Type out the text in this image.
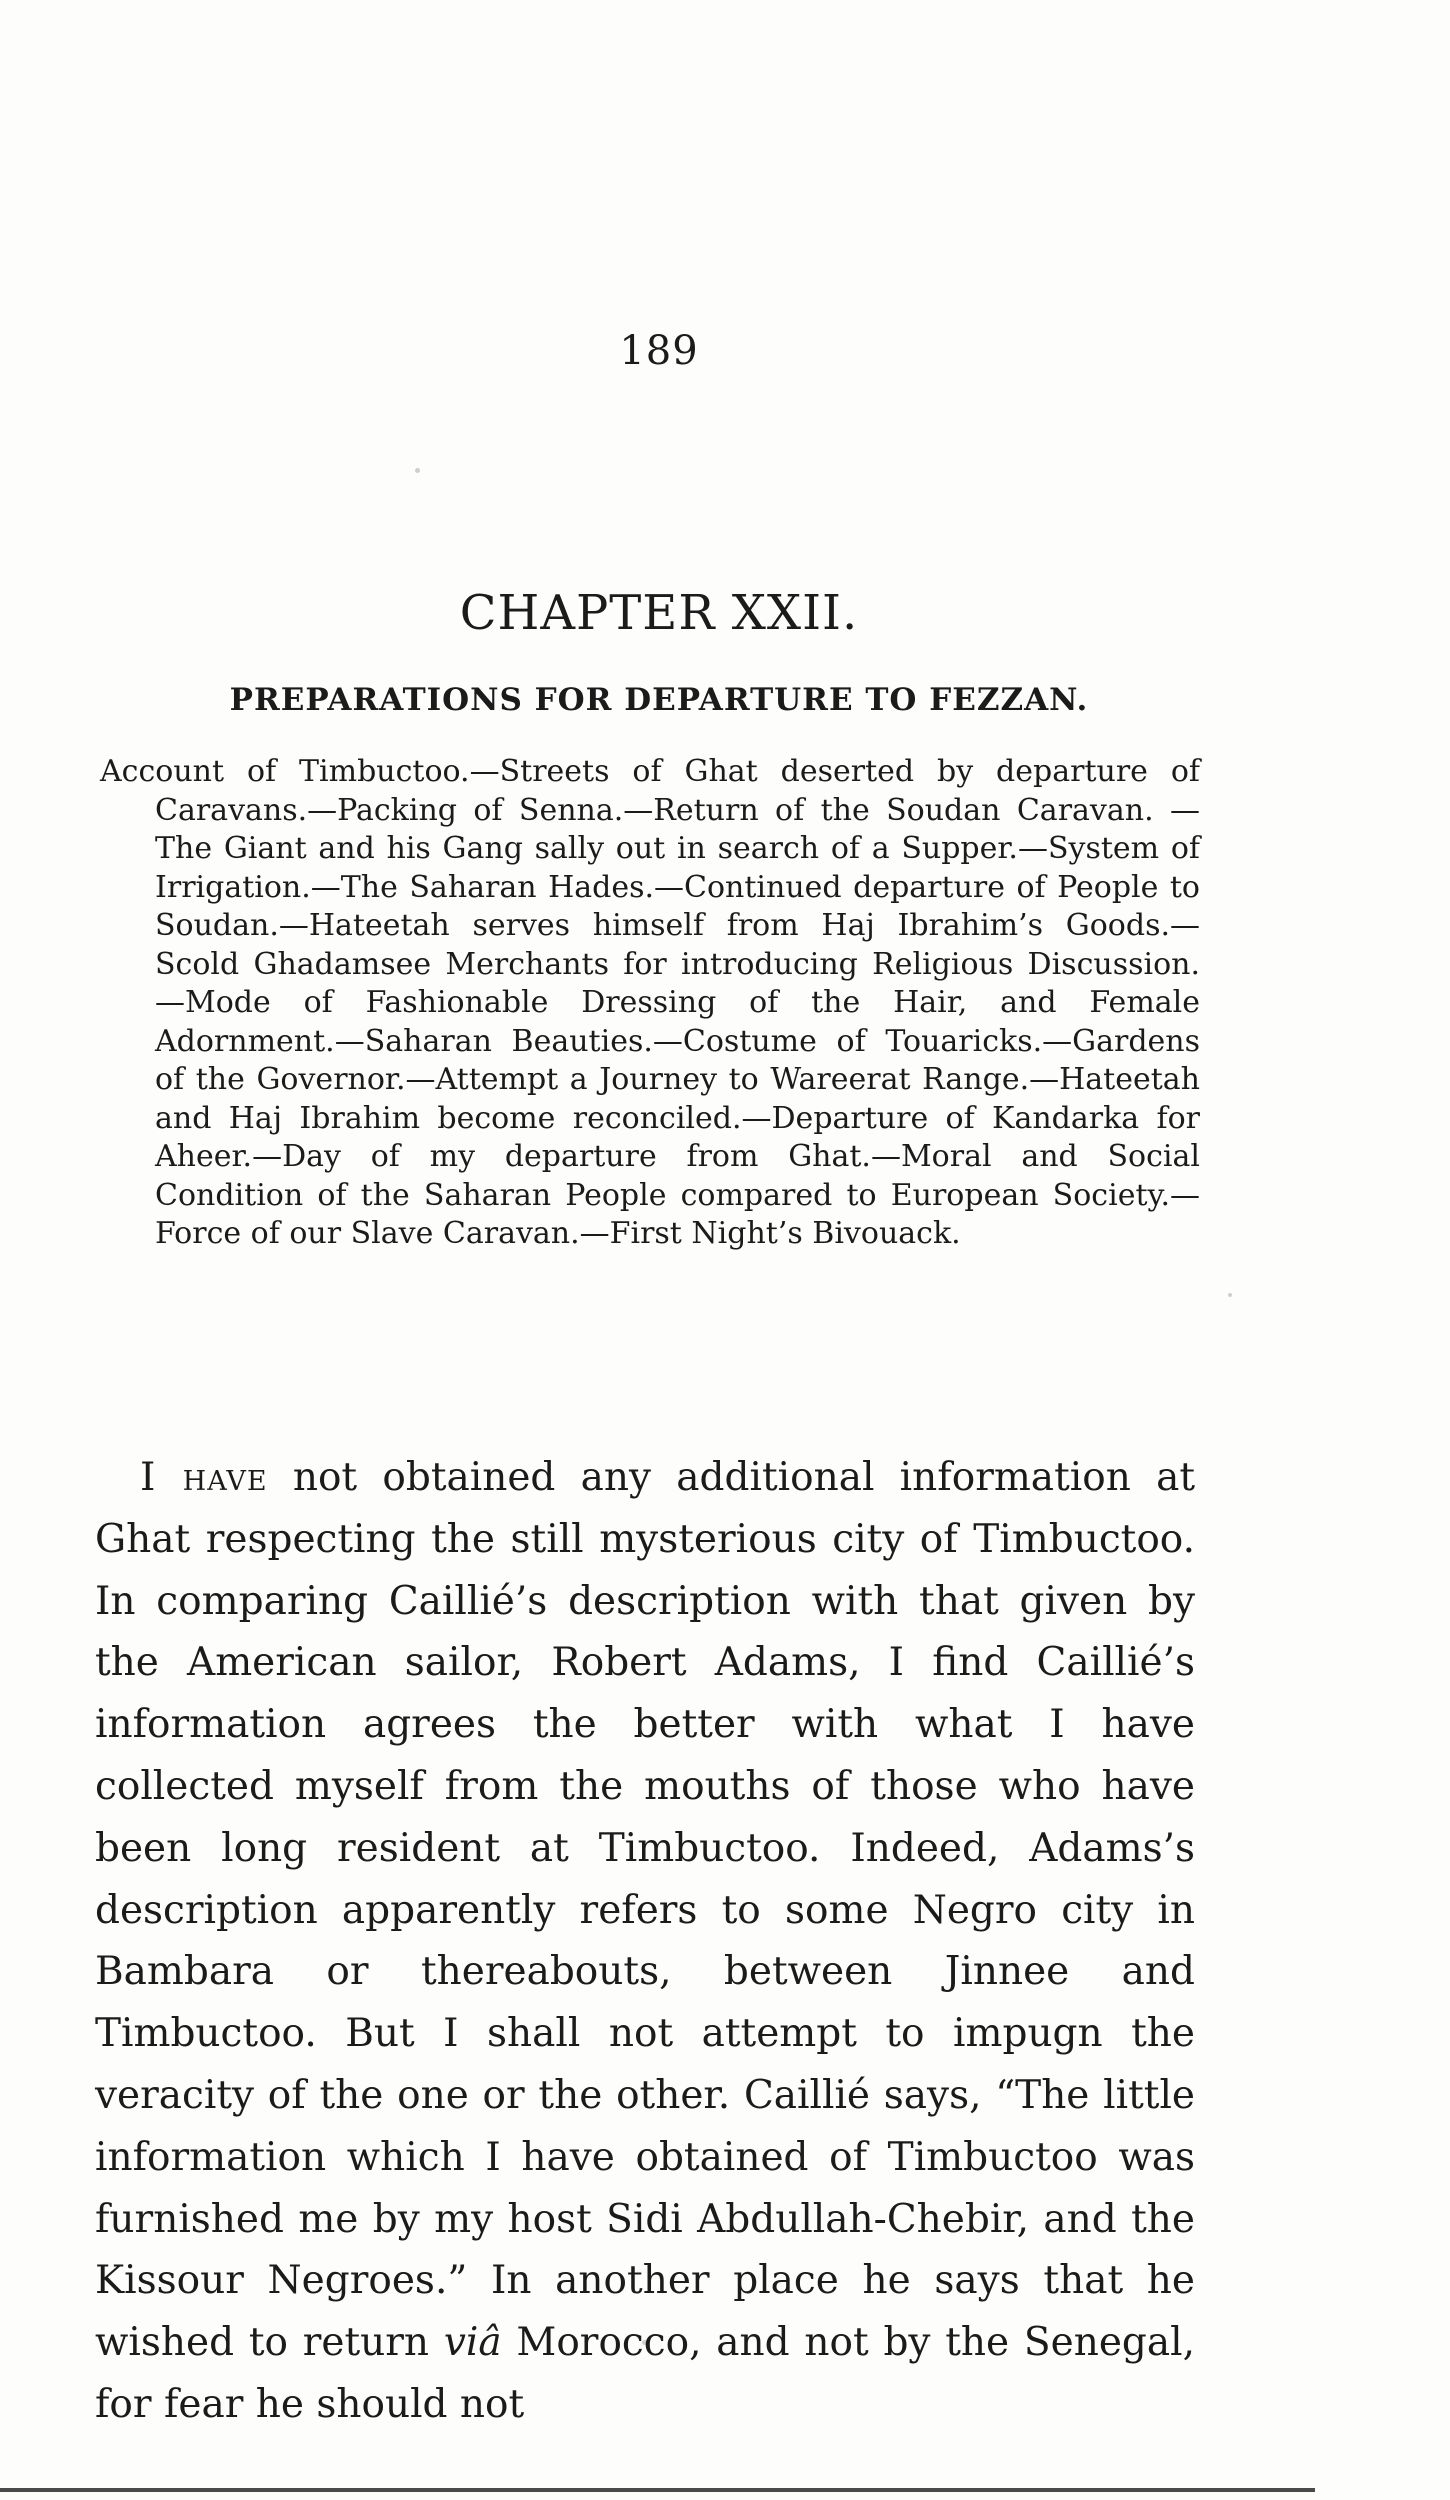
189
CHAPTER XXII.
PREPARATIONS FOR DEPARTURE TO FEZZAN.

Account of Timbuctoo.—Streets of Ghat deserted by departure of Caravans.—Packing of Senna.—Return of the Soudan Caravan. —The Giant and his Gang sally out in search of a Supper.—System of Irrigation.—The Saharan Hades.—Continued departure of People to Soudan.—Hateetah serves himself from Haj Ibrahim’s Goods.—Scold Ghadamsee Merchants for introducing Religious Discussion.—Mode of Fashionable Dressing of the Hair, and Female Adornment.—Saharan Beauties.—Costume of Touaricks.—Gardens of the Governor.—Attempt a Journey to Wareerat Range.—Hateetah and Haj Ibrahim become reconciled.—Departure of Kandarka for Aheer.—Day of my departure from Ghat.—Moral and Social Condition of the Saharan People compared to European Society.—Force of our Slave Caravan.—First Night’s Bivouack.

I have not obtained any additional information at Ghat respecting the still mysterious city of Timbuctoo. In comparing Caillié’s description with that given by the American sailor, Robert Adams, I find Caillié’s information agrees the better with what I have collected myself from the mouths of those who have been long resident at Timbuctoo. Indeed, Adams’s description apparently refers to some Negro city in Bambara or thereabouts, between Jinnee and Timbuctoo. But I shall not attempt to impugn the veracity of the one or the other. Caillié says, “The little information which I have obtained of Timbuctoo was furnished me by my host Sidi Abdullah-Chebir, and the Kissour Negroes.” In another place he says that he wished to return viâ Morocco, and not by the Senegal, for fear he should not
